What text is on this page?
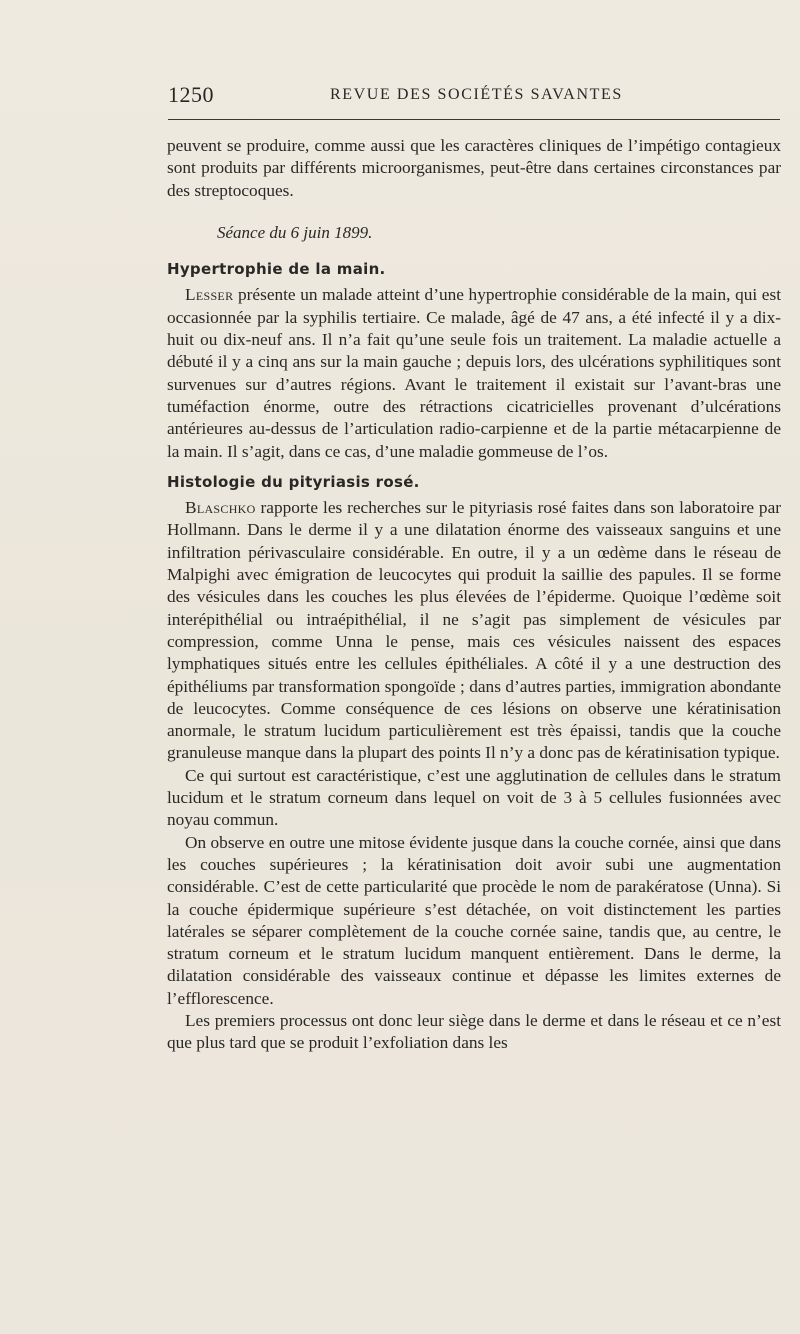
1250	REVUE DES SOCIÉTÉS SAVANTES

peuvent se produire, comme aussi que les caractères cliniques de l’impétigo contagieux sont produits par différents microorganismes, peut-être dans certaines circonstances par des streptocoques.

Séance du 6 juin 1899.

Hypertrophie de la main.

Lesser présente un malade atteint d’une hypertrophie considérable de la main, qui est occasionnée par la syphilis tertiaire. Ce malade, âgé de 47 ans, a été infecté il y a dix-huit ou dix-neuf ans. Il n’a fait qu’une seule fois un traitement. La maladie actuelle a débuté il y a cinq ans sur la main gauche ; depuis lors, des ulcérations syphilitiques sont survenues sur d’autres régions. Avant le traitement il existait sur l’avant-bras une tuméfaction énorme, outre des rétractions cicatricielles provenant d’ulcérations antérieures au-dessus de l’articulation radio-carpienne et de la partie métacarpienne de la main. Il s’agit, dans ce cas, d’une maladie gommeuse de l’os.

Histologie du pityriasis rosé.

Blaschko rapporte les recherches sur le pityriasis rosé faites dans son laboratoire par Hollmann. Dans le derme il y a une dilatation énorme des vaisseaux sanguins et une infiltration périvasculaire considérable. En outre, il y a un œdème dans le réseau de Malpighi avec émigration de leucocytes qui produit la saillie des papules. Il se forme des vésicules dans les couches les plus élevées de l’épiderme. Quoique l’œdème soit interépithélial ou intraépithélial, il ne s’agit pas simplement de vésicules par compression, comme Unna le pense, mais ces vésicules naissent des espaces lymphatiques situés entre les cellules épithéliales. A côté il y a une destruction des épithéliums par transformation spongoïde ; dans d’autres parties, immigration abondante de leucocytes. Comme conséquence de ces lésions on observe une kératinisation anormale, le stratum lucidum particulièrement est très épaissi, tandis que la couche granuleuse manque dans la plupart des points Il n’y a donc pas de kératinisation typique.

Ce qui surtout est caractéristique, c’est une agglutination de cellules dans le stratum lucidum et le stratum corneum dans lequel on voit de 3 à 5 cellules fusionnées avec noyau commun.

On observe en outre une mitose évidente jusque dans la couche cornée, ainsi que dans les couches supérieures ; la kératinisation doit avoir subi une augmentation considérable. C’est de cette particularité que procède le nom de parakératose (Unna). Si la couche épidermique supérieure s’est détachée, on voit distinctement les parties latérales se séparer complètement de la couche cornée saine, tandis que, au centre, le stratum corneum et le stratum lucidum manquent entièrement. Dans le derme, la dilatation considérable des vaisseaux continue et dépasse les limites externes de l’efflorescence.

Les premiers processus ont donc leur siège dans le derme et dans le réseau et ce n’est que plus tard que se produit l’exfoliation dans les
